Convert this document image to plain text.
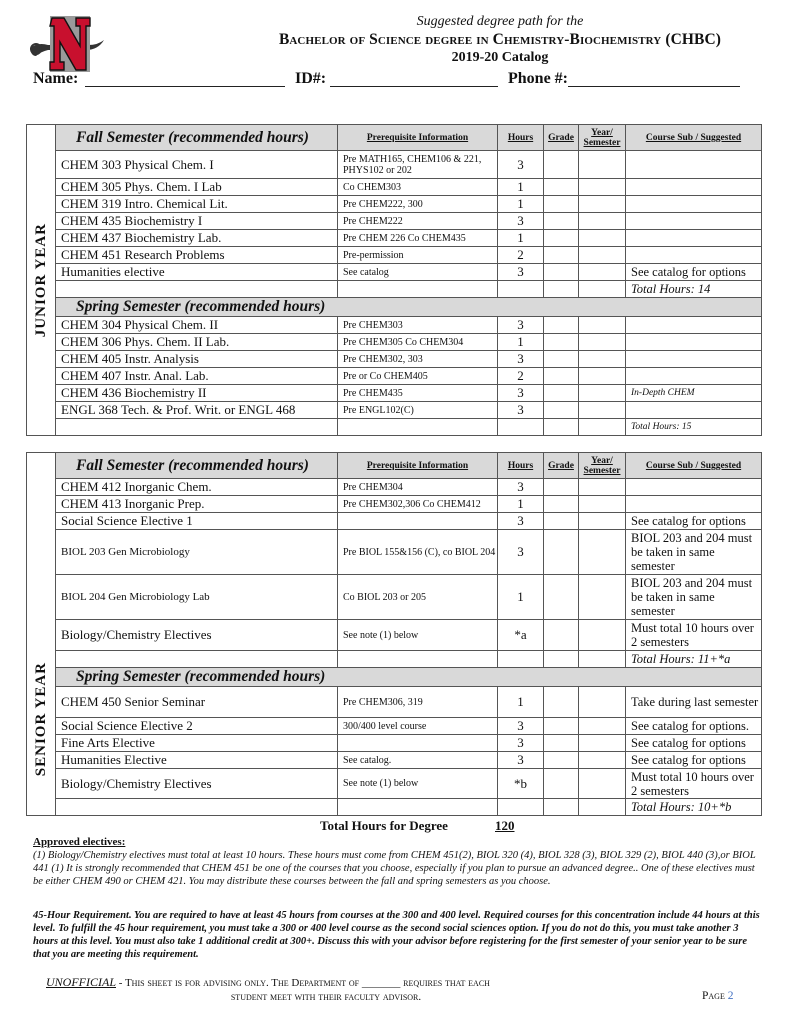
Suggested degree path for the
Bachelor of Science degree in Chemistry-Biochemistry (CHBC)
2019-20 Catalog
Name:	ID#:	Phone #:
JUNIOR YEAR	Fall Semester (recommended hours)	Prerequisite Information	Hours	Grade	Year/
Semester	Course Sub / Suggested
	CHEM 303 Physical Chem. I	Pre MATH165, CHEM106 & 221, PHYS102 or 202	3			
	CHEM 305 Phys. Chem. I Lab	Co CHEM303	1			
	CHEM 319 Intro. Chemical Lit.	Pre CHEM222, 300	1			
	CHEM 435 Biochemistry I	Pre CHEM222	3			
	CHEM 437 Biochemistry Lab.	Pre CHEM 226 Co CHEM435	1			
	CHEM 451 Research Problems	Pre-permission	2			
	Humanities elective	See catalog	3			See catalog for options
						Total Hours: 14
	Spring Semester (recommended hours)					
	CHEM 304 Physical Chem. II	Pre CHEM303	3			
	CHEM 306 Phys. Chem. II Lab.	Pre CHEM305 Co CHEM304	1			
	CHEM 405 Instr. Analysis	Pre CHEM302, 303	3			
	CHEM 407 Instr. Anal. Lab.	Pre or Co CHEM405	2			
	CHEM 436 Biochemistry II	Pre CHEM435	3			In-Depth CHEM
	ENGL 368 Tech. & Prof. Writ. or ENGL 468	Pre ENGL102(C)	3			
						Total Hours: 15
SENIOR YEAR	Fall Semester (recommended hours)	Prerequisite Information	Hours	Grade	Year/
Semester	Course Sub / Suggested
	CHEM 412 Inorganic Chem.	Pre CHEM304	3			
	CHEM 413 Inorganic Prep.	Pre CHEM302,306 Co CHEM412	1			
	Social Science Elective 1		3			See catalog for options
	BIOL 203 Gen Microbiology	Pre BIOL 155&156 (C), co BIOL 204	3			BIOL 203 and 204 must be taken in same semester
	BIOL 204 Gen Microbiology Lab	Co BIOL 203 or 205	1			BIOL 203 and 204 must be taken in same semester
	Biology/Chemistry Electives	See note (1) below	*a			Must total 10 hours over 2 semesters
						Total Hours: 11+*a
	Spring Semester (recommended hours)					
	CHEM 450 Senior Seminar	Pre CHEM306, 319	1			Take during last semester
	Social Science Elective 2	300/400 level course	3			See catalog for options.
	Fine Arts Elective		3			See catalog for options
	Humanities Elective	See catalog.	3			See catalog for options
	Biology/Chemistry Electives	See note (1) below	*b			Must total 10 hours over 2 semesters
						Total Hours: 10+*b
Total Hours for Degree	120
Approved electives:
(1) Biology/Chemistry electives must total at least 10 hours. These hours must come from CHEM 451(2), BIOL 320 (4), BIOL 328 (3), BIOL 329 (2), BIOL 440 (3),or BIOL 441 (1) It is strongly recommended that CHEM 451 be one of the courses that you choose, especially if you plan to pursue an advanced degree.. One of these electives must be either CHEM 490 or CHEM 421. You may distribute these courses between the fall and spring semesters as you choose.
45-Hour Requirement. You are required to have at least 45 hours from courses at the 300 and 400 level. Required courses for this concentration include 44 hours at this level. To fulfill the 45 hour requirement, you must take a 300 or 400 level course as the second social sciences option. If you do not do this, you must take another 3 hours at this level. You must also take 1 additional credit at 300+. Discuss this with your advisor before registering for the first semester of your senior year to be sure that you are meeting this requirement.
UNOFFICIAL - This sheet is for advising only. The Department of _______ requires that each
student meet with their faculty advisor.	Page 2
